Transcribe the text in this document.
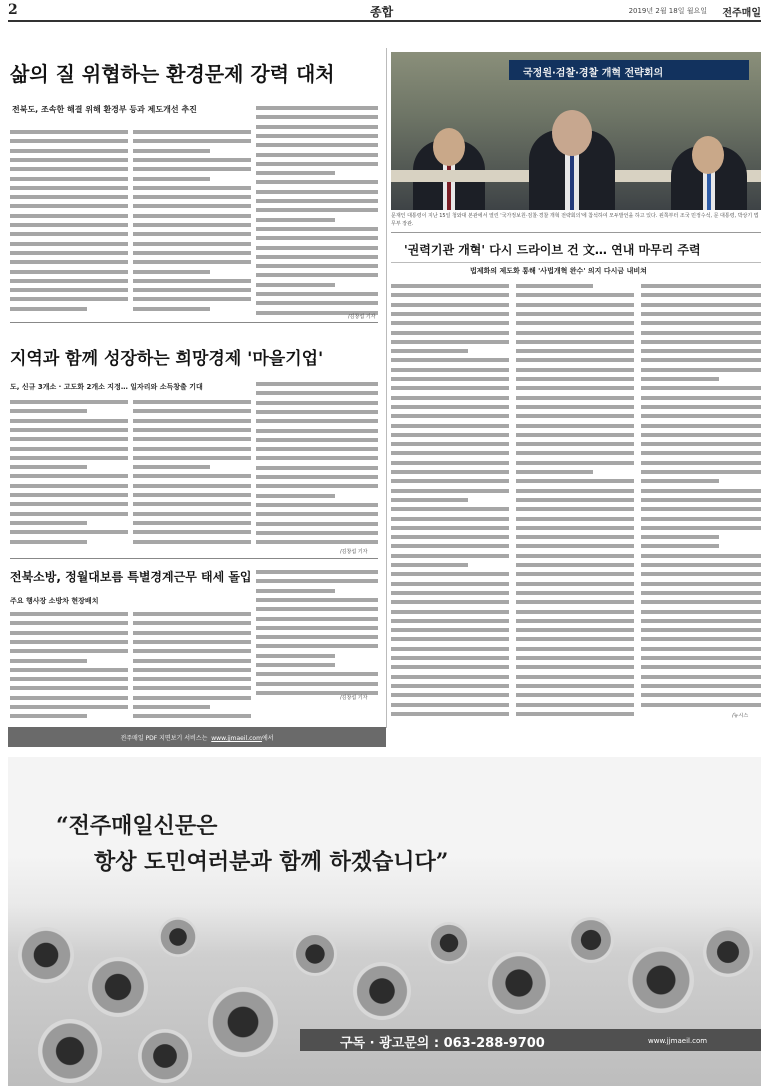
2	종합	2019년 2월 18일 월요일 전주매일
삶의 질 위협하는 환경문제 강력 대처
전북도, 조속한 해결 위해 환경부 등과 제도개선 추진
/김창섭 기자
지역과 함께 성장하는 희망경제 '마을기업'
도, 신규 3개소 · 고도화 2개소 지정… 일자리와 소득창출 기대
/김창섭 기자
전북소방, 정월대보름 특별경계근무 태세 돌입
주요 행사장 소방차 현장배치
/김창섭 기자
국정원·검찰·경찰 개혁 전략회의
문재인 대통령이 지난 15일 청와대 본관에서 열린 '국가정보원·검찰·경찰 개혁 전략회의'에 참석하여 모두발언을 하고 있다. 왼쪽부터 조국 민정수석, 문 대통령, 박상기 법무부 장관.
'권력기관 개혁' 다시 드라이브 건 文… 연내 마무리 주력
법제화의 제도화 통해 '사법개혁 완수' 의지 다시금 내비쳐
/뉴시스
전주매일 PDF 지면보기 서비스는 www.jjmaeil.com에서
“전주매일신문은
항상 도민여러분과 함께 하겠습니다”
구독 · 광고문의 : 063-288-9700	www.jjmaeil.com
